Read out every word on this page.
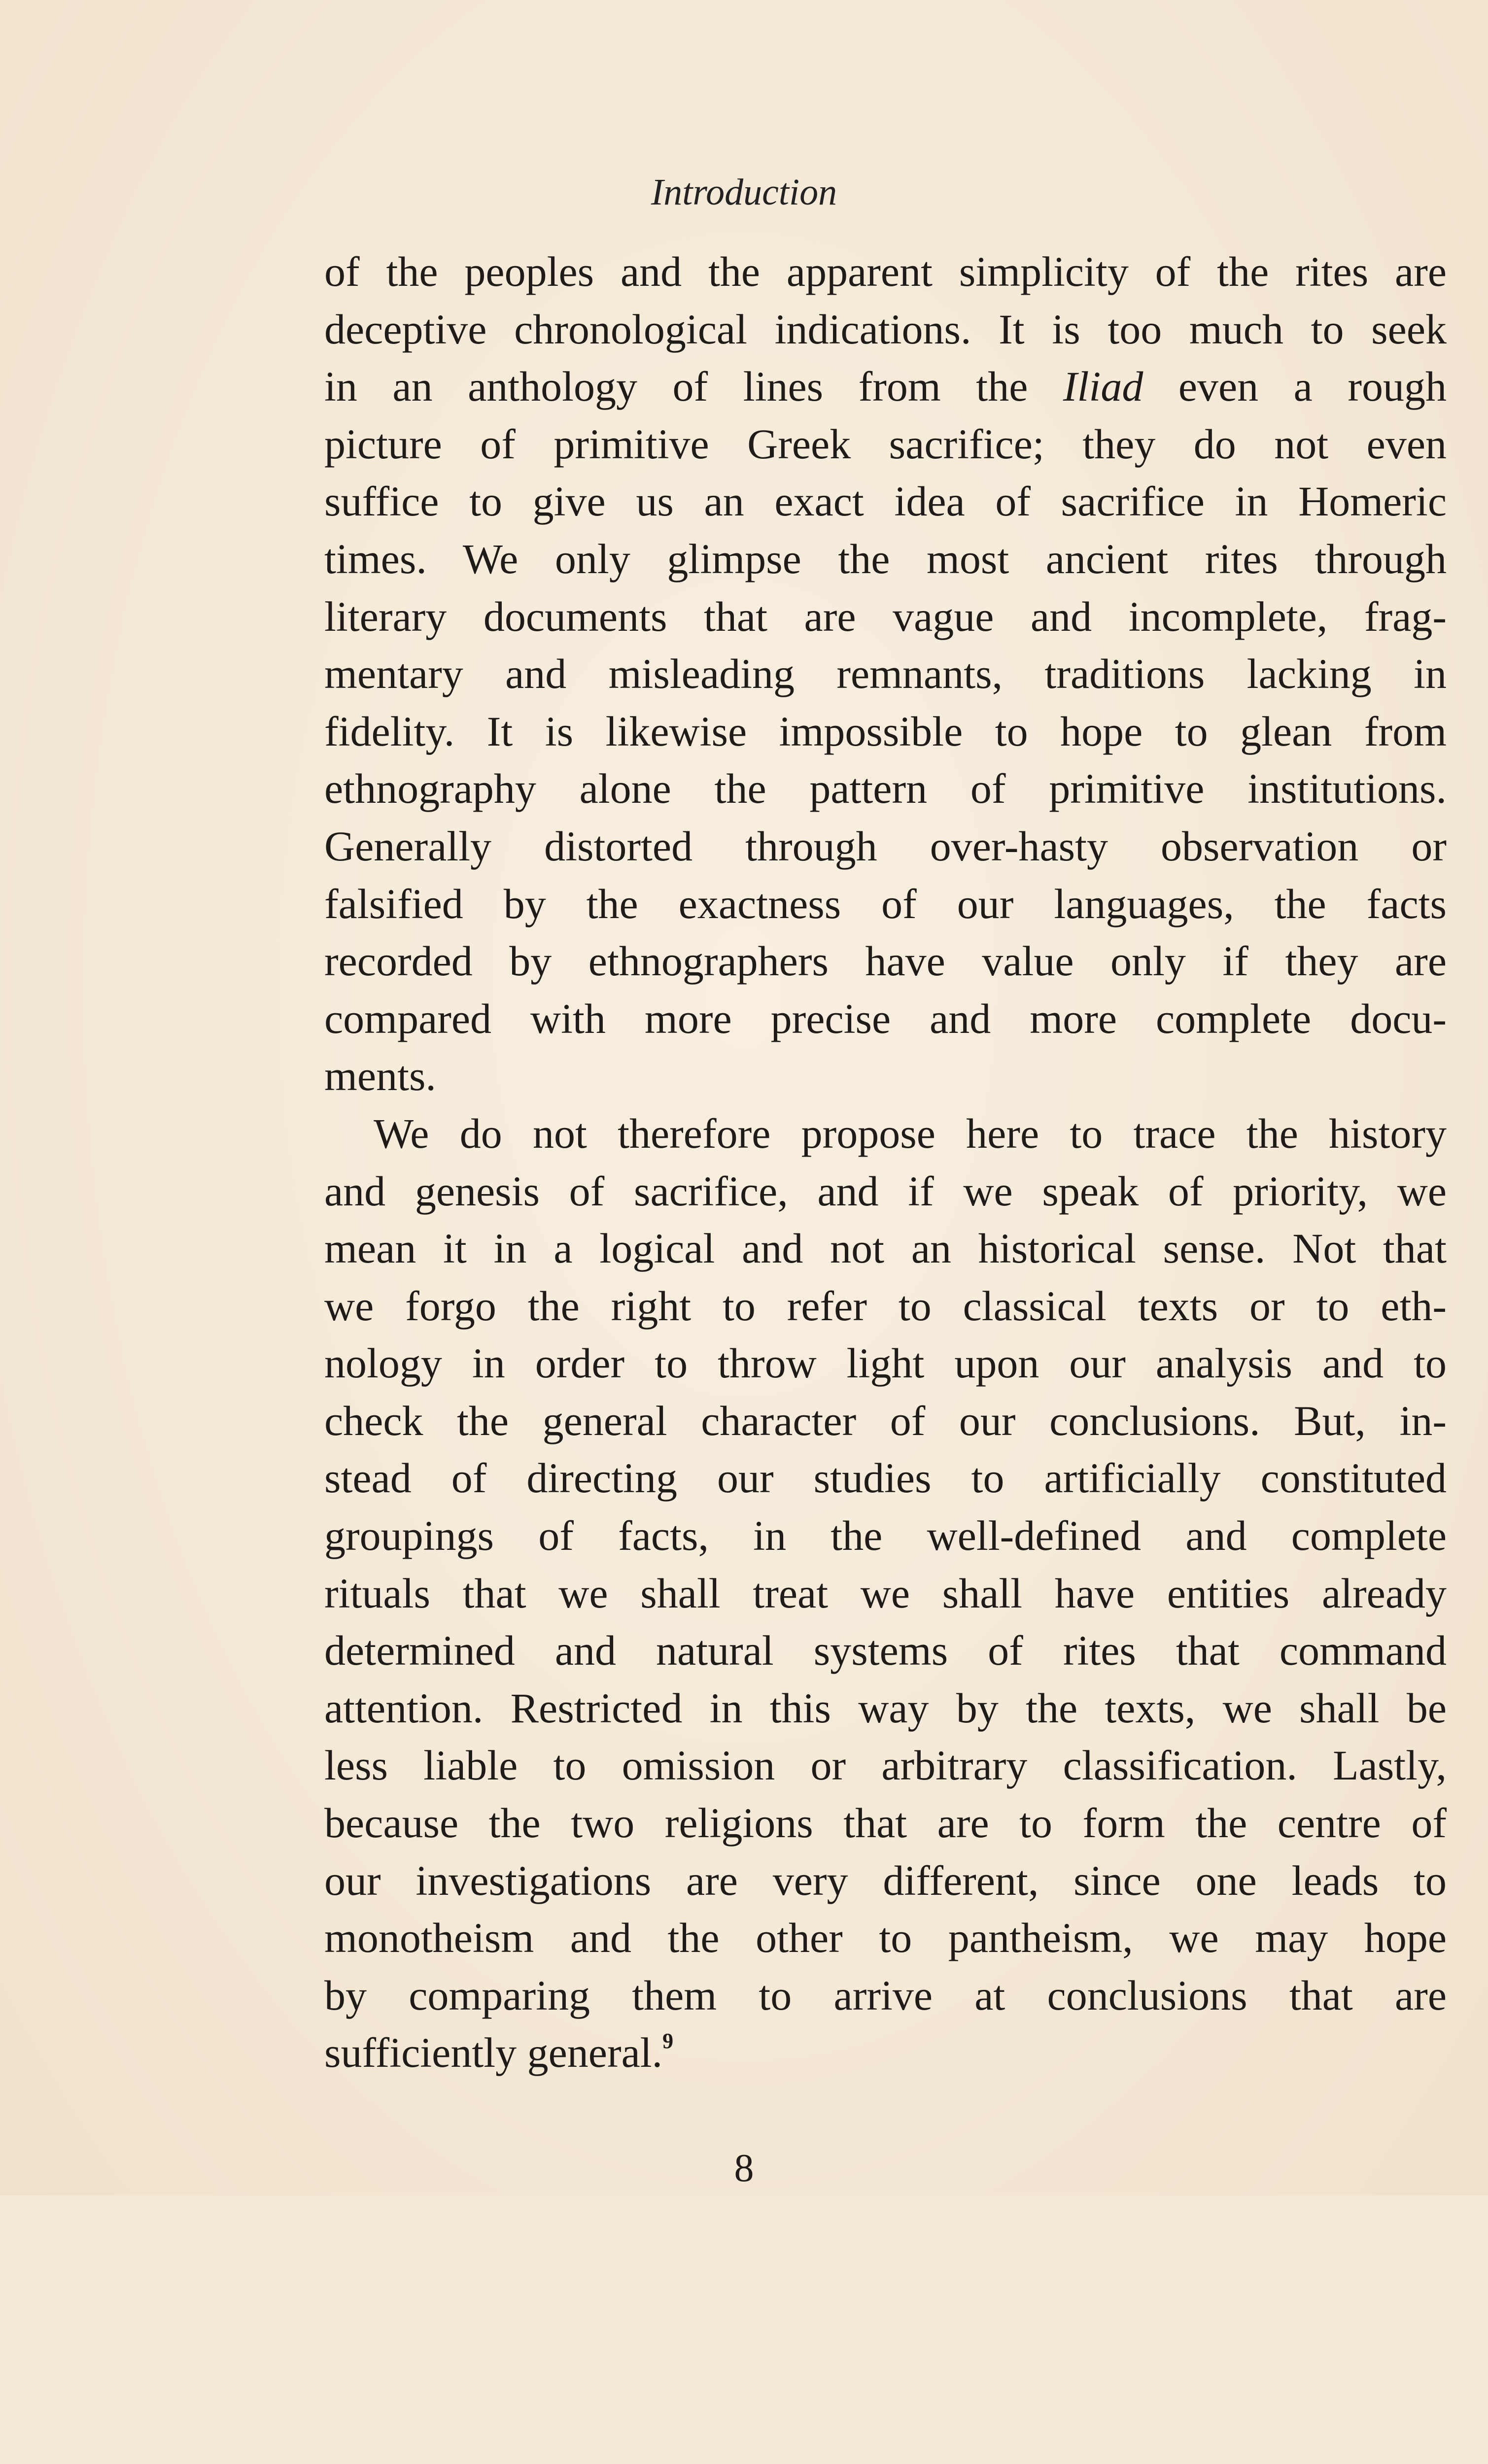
Introduction
of the peoples and the apparent simplicity of the rites are
deceptive chronological indications. It is too much to seek
in an anthology of lines from the Iliad even a rough
picture of primitive Greek sacrifice; they do not even
suffice to give us an exact idea of sacrifice in Homeric
times. We only glimpse the most ancient rites through
literary documents that are vague and incomplete, frag-
mentary and misleading remnants, traditions lacking in
fidelity. It is likewise impossible to hope to glean from
ethnography alone the pattern of primitive institutions.
Generally distorted through over-hasty observation or
falsified by the exactness of our languages, the facts
recorded by ethnographers have value only if they are
compared with more precise and more complete docu-
ments.
We do not therefore propose here to trace the history
and genesis of sacrifice, and if we speak of priority, we
mean it in a logical and not an historical sense. Not that
we forgo the right to refer to classical texts or to eth-
nology in order to throw light upon our analysis and to
check the general character of our conclusions. But, in-
stead of directing our studies to artificially constituted
groupings of facts, in the well-defined and complete
rituals that we shall treat we shall have entities already
determined and natural systems of rites that command
attention. Restricted in this way by the texts, we shall be
less liable to omission or arbitrary classification. Lastly,
because the two religions that are to form the centre of
our investigations are very different, since one leads to
monotheism and the other to pantheism, we may hope
by comparing them to arrive at conclusions that are
sufficiently general.$^9$
8
